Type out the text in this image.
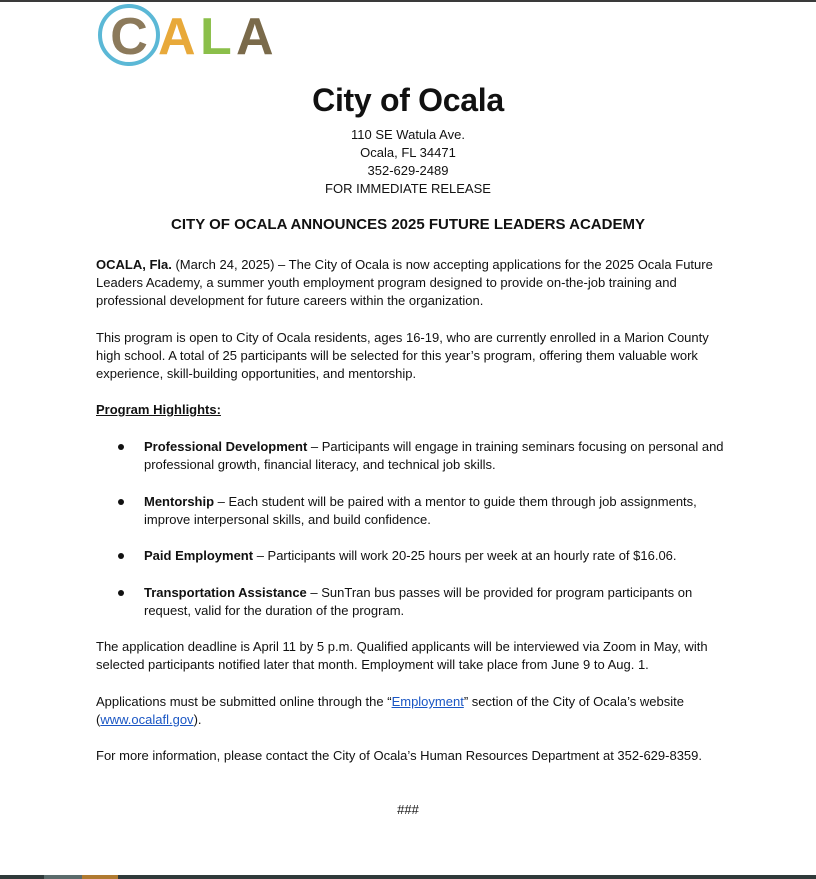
C A L A
City of Ocala
110 SE Watula Ave.
Ocala, FL 34471
352-629-2489
FOR IMMEDIATE RELEASE
CITY OF OCALA ANNOUNCES 2025 FUTURE LEADERS ACADEMY
OCALA, Fla. (March 24, 2025) – The City of Ocala is now accepting applications for the 2025 Ocala Future Leaders Academy, a summer youth employment program designed to provide on-the-job training and professional development for future careers within the organization.
This program is open to City of Ocala residents, ages 16-19, who are currently enrolled in a Marion County high school. A total of 25 participants will be selected for this year’s program, offering them valuable work experience, skill-building opportunities, and mentorship.
Program Highlights:
Professional Development – Participants will engage in training seminars focusing on personal and professional growth, financial literacy, and technical job skills.
Mentorship – Each student will be paired with a mentor to guide them through job assignments, improve interpersonal skills, and build confidence.
Paid Employment – Participants will work 20-25 hours per week at an hourly rate of $16.06.
Transportation Assistance – SunTran bus passes will be provided for program participants on request, valid for the duration of the program.
The application deadline is April 11 by 5 p.m. Qualified applicants will be interviewed via Zoom in May, with selected participants notified later that month. Employment will take place from June 9 to Aug. 1.
Applications must be submitted online through the “Employment” section of the City of Ocala’s website (www.ocalafl.gov).
For more information, please contact the City of Ocala’s Human Resources Department at 352-629-8359.
###
